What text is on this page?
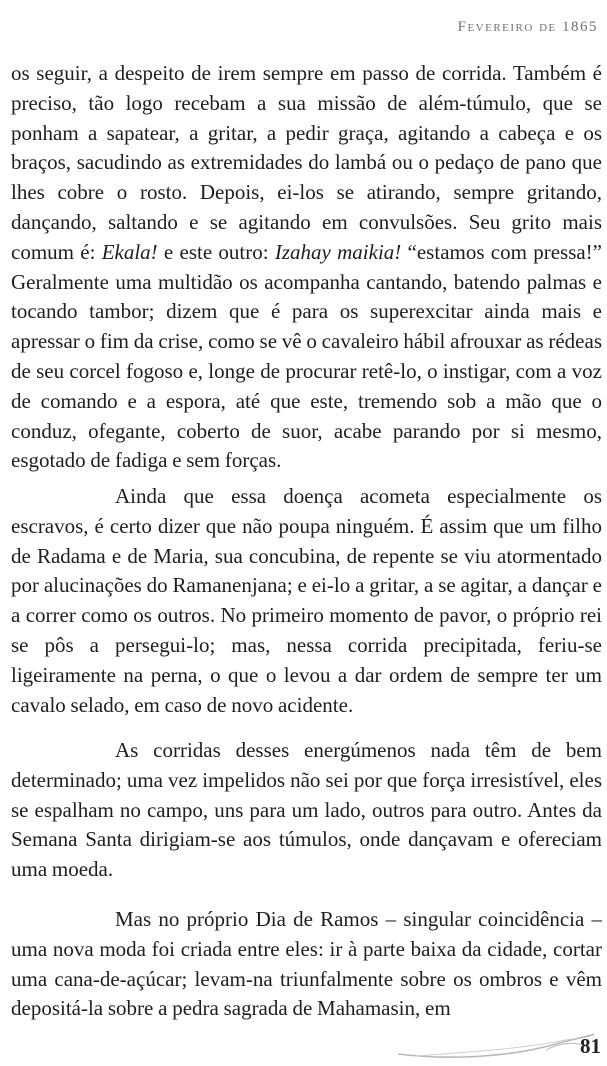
Fevereiro de 1865

os seguir, a despeito de irem sempre em passo de corrida. Também é preciso, tão logo recebam a sua missão de além-túmulo, que se ponham a sapatear, a gritar, a pedir graça, agitando a cabeça e os braços, sacudindo as extremidades do lambá ou o pedaço de pano que lhes cobre o rosto. Depois, ei-los se atirando, sempre gritando, dançando, saltando e se agitando em convulsões. Seu grito mais comum é: Ekala! e este outro: Izahay maikia! “estamos com pressa!” Geralmente uma multidão os acompanha cantando, batendo palmas e tocando tambor; dizem que é para os superexcitar ainda mais e apressar o fim da crise, como se vê o cavaleiro hábil afrouxar as rédeas de seu corcel fogoso e, longe de procurar retê-lo, o instigar, com a voz de comando e a espora, até que este, tremendo sob a mão que o conduz, ofegante, coberto de suor, acabe parando por si mesmo, esgotado de fadiga e sem forças.

Ainda que essa doença acometa especialmente os escravos, é certo dizer que não poupa ninguém. É assim que um filho de Radama e de Maria, sua concubina, de repente se viu atormentado por alucinações do Ramanenjana; e ei-lo a gritar, a se agitar, a dançar e a correr como os outros. No primeiro momento de pavor, o próprio rei se pôs a persegui-lo; mas, nessa corrida precipitada, feriu-se ligeiramente na perna, o que o levou a dar ordem de sempre ter um cavalo selado, em caso de novo acidente.

As corridas desses energúmenos nada têm de bem determinado; uma vez impelidos não sei por que força irresistível, eles se espalham no campo, uns para um lado, outros para outro. Antes da Semana Santa dirigiam-se aos túmulos, onde dançavam e ofereciam uma moeda.

Mas no próprio Dia de Ramos – singular coincidência – uma nova moda foi criada entre eles: ir à parte baixa da cidade, cortar uma cana-de-açúcar; levam-na triunfalmente sobre os ombros e vêm depositá-la sobre a pedra sagrada de Mahamasin, em

81
